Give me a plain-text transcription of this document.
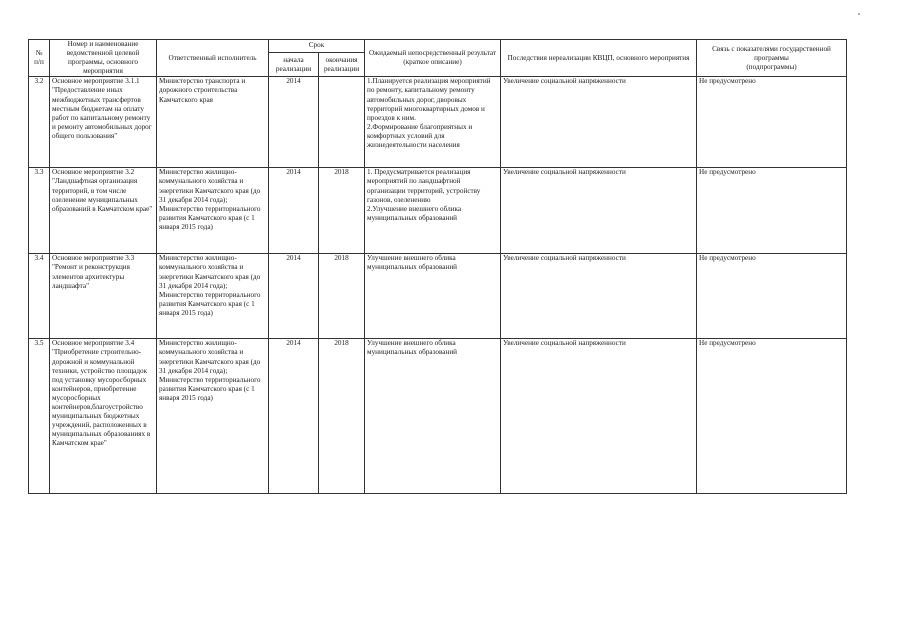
№
п/п	Номер и наименование ведомственной целевой программы, основного мероприятия	Ответственный исполнитель	Срок		Ожидаемый непосредственный результат
(краткое описание)	Последствия нереализации КВЦП, основного мероприятия	Связь с показателями государственной программы
(подпрограммы)
			начала реализации	окончания реализации			
3.2	Основное мероприятие 3.1.1 "Предоставление иных межбюджетных трансфертов местным бюджетам на оплату работ по капитальному ремонту и ремонту автомобильных дорог общего пользования"	Министерство транспорта и дорожного строительства Камчатского края	2014		1.Планируется реализация мероприятий по ремонту, капитальному ремонту автомобильных дорог, дворовых территорий многоквартирных домов и проездов к ним.
2.Формирование благоприятных и комфортных условий для жизнедеятельности населения	Увеличение социальной напряженности	Не предусмотрено
3.3	Основное мероприятие 3.2 "Ландшафтная организация территорий, в том числе озеленение муниципальных образований в Камчатском крае"	Министерство жилищно-коммунального хозяйства и энергетики Камчатского края (до 31 декабря 2014 года); Министерство территориального развития Камчатского края (с 1 января 2015 года)	2014	2018	1. Предусматривается реализация мероприятий по ландшафтной организации территорий, устройству газонов, озеленению
2.Улучшение внешнего облика муниципальных образований	Увеличение социальной напряженности	Не предусмотрено
3.4	Основное мероприятие 3.3 "Ремонт и реконструкция элементов архитектуры ландшафта"	Министерство жилищно-коммунального хозяйства и энергетики Камчатского края (до 31 декабря 2014 года); Министерство территориального развития Камчатского края (с 1 января 2015 года)	2014	2018	Улучшение внешнего облика муниципальных образований	Увеличение социальной напряженности	Не предусмотрено
3.5	Основное мероприятие 3.4 "Приобретение строительно-дорожной и коммунальной техники, устройство площадок под установку мусоросборных контейнеров, приобретение мусоросборных контейнеров,благоустройство муниципальных бюджетных учреждений, расположенных в муниципальных образованиях в Камчатском крае"	Министерство жилищно-коммунального хозяйства и энергетики Камчатского края (до 31 декабря 2014 года); Министерство территориального развития Камчатского края (с 1 января 2015 года)	2014	2018	Улучшение внешнего облика муниципальных образований	Увеличение социальной напряженности	Не предусмотрено
